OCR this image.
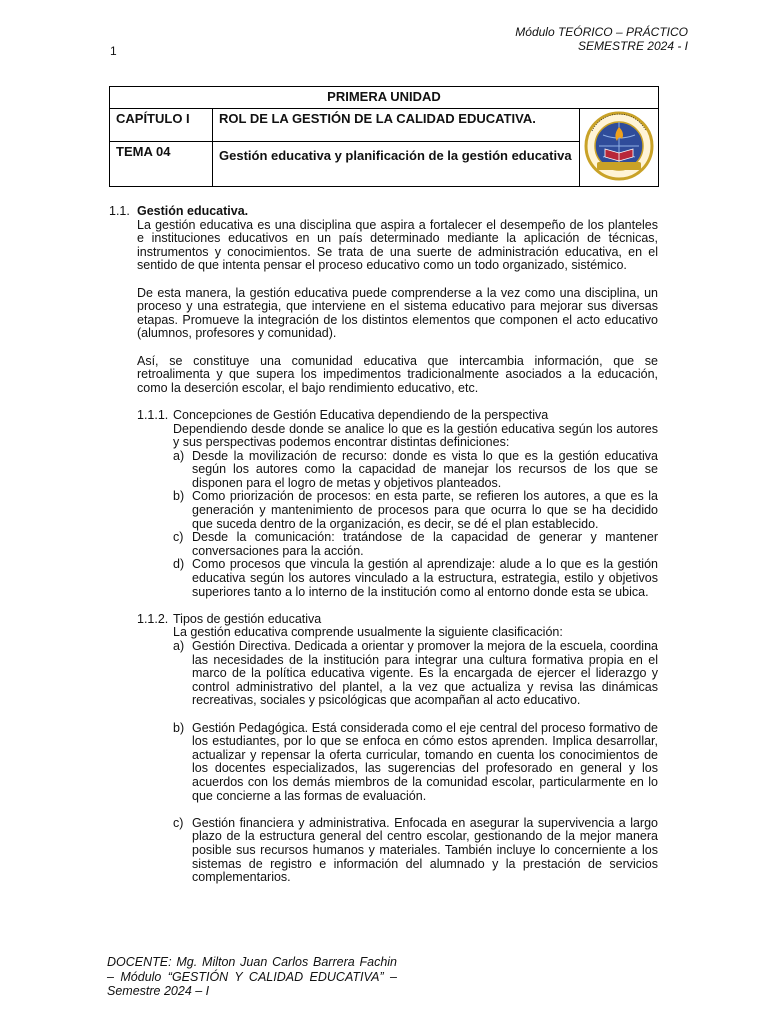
Módulo TEÓRICO – PRÁCTICO
SEMESTRE 2024 - I
1
PRIMERA UNIDAD		
CAPÍTULO I	ROL DE LA GESTIÓN DE LA CALIDAD EDUCATIVA.	
TEMA 04	Gestión educativa y planificación de la gestión educativa	
1.1. Gestión educativa.

La gestión educativa es una disciplina que aspira a fortalecer el desempeño de los planteles e instituciones educativos en un país determinado mediante la aplicación de técnicas, instrumentos y conocimientos. Se trata de una suerte de administración educativa, en el sentido de que intenta pensar el proceso educativo como un todo organizado, sistémico.

De esta manera, la gestión educativa puede comprenderse a la vez como una disciplina, un proceso y una estrategia, que interviene en el sistema educativo para mejorar sus diversas etapas. Promueve la integración de los distintos elementos que componen el acto educativo (alumnos, profesores y comunidad).

Así, se constituye una comunidad educativa que intercambia información, que se retroalimenta y que supera los impedimentos tradicionalmente asociados a la educación, como la deserción escolar, el bajo rendimiento educativo, etc.

1.1.1. Concepciones de Gestión Educativa dependiendo de la perspectiva

Dependiendo desde donde se analice lo que es la gestión educativa según los autores y sus perspectivas podemos encontrar distintas definiciones:

a) Desde la movilización de recurso: donde es vista lo que es la gestión educativa según los autores como la capacidad de manejar los recursos de los que se disponen para el logro de metas y objetivos planteados.
b) Como priorización de procesos: en esta parte, se refieren los autores, a que es la generación y mantenimiento de procesos para que ocurra lo que se ha decidido que suceda dentro de la organización, es decir, se dé el plan establecido.
c) Desde la comunicación: tratándose de la capacidad de generar y mantener conversaciones para la acción.
d) Como procesos que vincula la gestión al aprendizaje: alude a lo que es la gestión educativa según los autores vinculado a la estructura, estrategia, estilo y objetivos superiores tanto a lo interno de la institución como al entorno donde esta se ubica.
1.1.2. Tipos de gestión educativa

La gestión educativa comprende usualmente la siguiente clasificación:

a) Gestión Directiva. Dedicada a orientar y promover la mejora de la escuela, coordina las necesidades de la institución para integrar una cultura formativa propia en el marco de la política educativa vigente. Es la encargada de ejercer el liderazgo y control administrativo del plantel, a la vez que actualiza y revisa las dinámicas recreativas, sociales y psicológicas que acompañan al acto educativo.
b) Gestión Pedagógica. Está considerada como el eje central del proceso formativo de los estudiantes, por lo que se enfoca en cómo estos aprenden. Implica desarrollar, actualizar y repensar la oferta curricular, tomando en cuenta los conocimientos de los docentes especializados, las sugerencias del profesorado en general y los acuerdos con los demás miembros de la comunidad escolar, particularmente en lo que concierne a las formas de evaluación.
c) Gestión financiera y administrativa. Enfocada en asegurar la supervivencia a largo plazo de la estructura general del centro escolar, gestionando de la mejor manera posible sus recursos humanos y materiales. También incluye lo concerniente a los sistemas de registro e información del alumnado y la prestación de servicios complementarios.
DOCENTE: Mg. Milton Juan Carlos Barrera Fachin – Módulo “GESTIÓN Y CALIDAD EDUCATIVA” – Semestre 2024 – I
